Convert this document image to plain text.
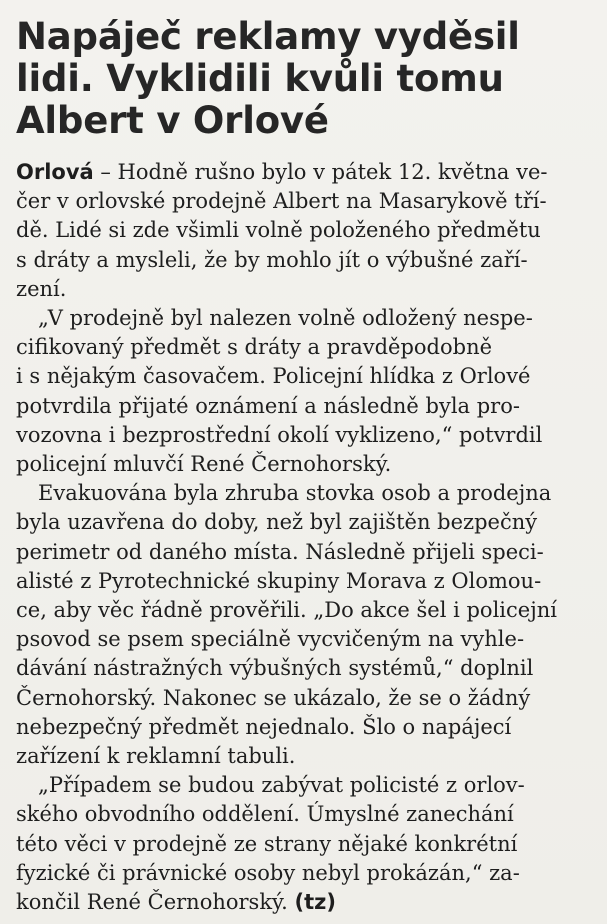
Napáječ reklamy vyděsil
lidi. Vyklidili kvůli tomu
Albert v Orlové
Orlová – Hodně rušno bylo v pátek 12. května ve-
čer v orlovské prodejně Albert na Masarykově tří-
dě. Lidé si zde všimli volně položeného předmětu
s dráty a mysleli, že by mohlo jít o výbušné zaří-
zení.
„V prodejně byl nalezen volně odložený nespe-
cifikovaný předmět s dráty a pravděpodobně
i s nějakým časovačem. Policejní hlídka z Orlové
potvrdila přijaté oznámení a následně byla pro-
vozovna i bezprostřední okolí vyklizeno,“ potvrdil
policejní mluvčí René Černohorský.
Evakuována byla zhruba stovka osob a prodejna
byla uzavřena do doby, než byl zajištěn bezpečný
perimetr od daného místa. Následně přijeli speci-
alisté z Pyrotechnické skupiny Morava z Olomou-
ce, aby věc řádně prověřili. „Do akce šel i policejní
psovod se psem speciálně vycvičeným na vyhle-
dávání nástražných výbušných systémů,“ doplnil
Černohorský. Nakonec se ukázalo, že se o žádný
nebezpečný předmět nejednalo. Šlo o napájecí
zařízení k reklamní tabuli.
„Případem se budou zabývat policisté z orlov-
ského obvodního oddělení. Úmyslné zanechání
této věci v prodejně ze strany nějaké konkrétní
fyzické či právnické osoby nebyl prokázán,“ za-
končil René Černohorský. (tz)
